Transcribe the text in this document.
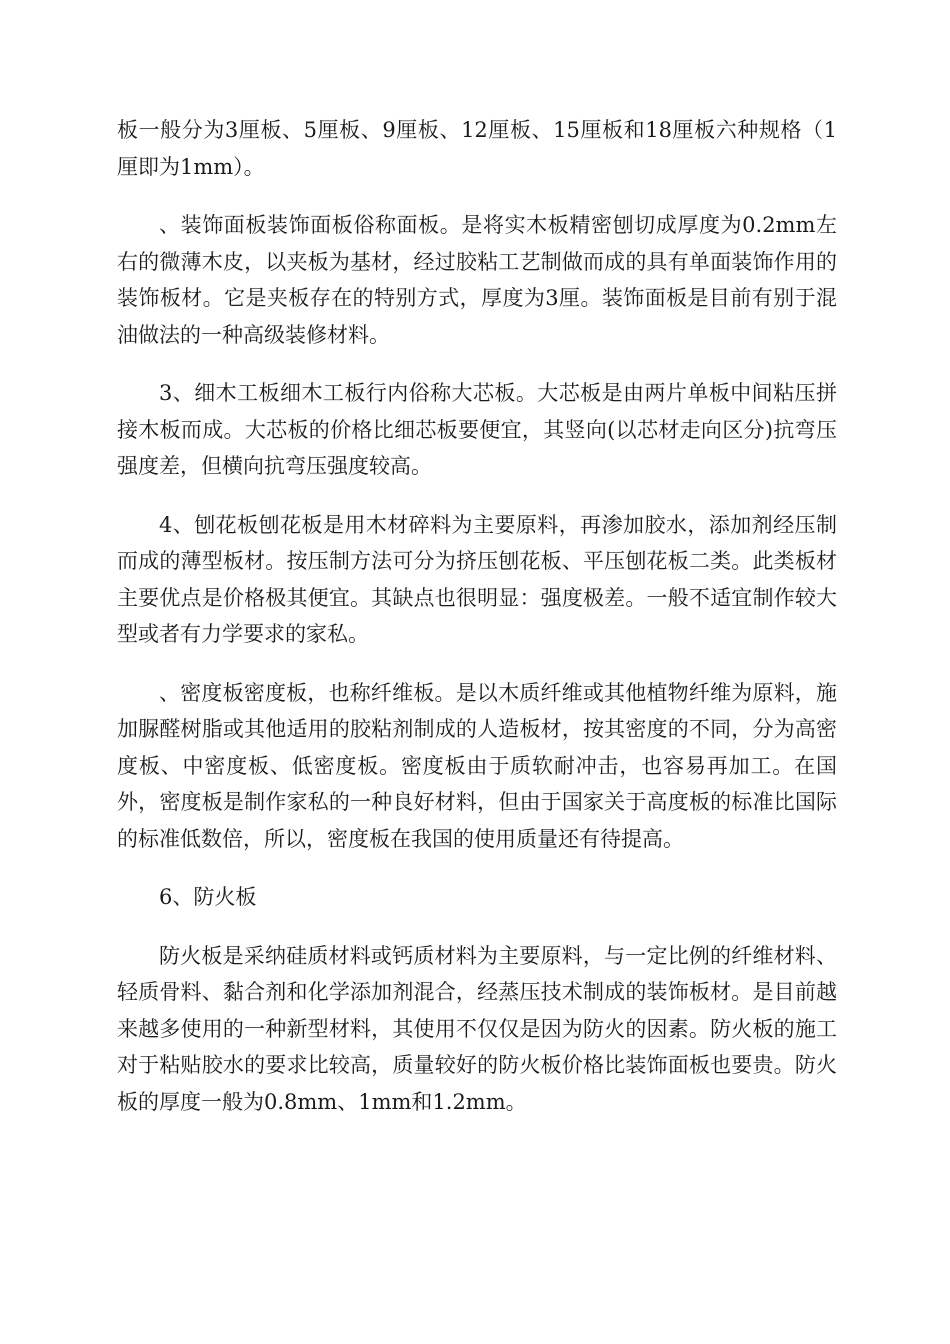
板一般分为3厘板、5厘板、9厘板、12厘板、15厘板和18厘板六种规格（1厘即为1mm）。

、装饰面板装饰面板俗称面板。是将实木板精密刨切成厚度为0.2mm左右的微薄木皮，以夹板为基材，经过胶粘工艺制做而成的具有单面装饰作用的装饰板材。它是夹板存在的特别方式，厚度为3厘。装饰面板是目前有别于混油做法的一种高级装修材料。

3、细木工板细木工板行内俗称大芯板。大芯板是由两片单板中间粘压拼接木板而成。大芯板的价格比细芯板要便宜，其竖向(以芯材走向区分)抗弯压强度差，但横向抗弯压强度较高。

4、刨花板刨花板是用木材碎料为主要原料，再渗加胶水，添加剂经压制而成的薄型板材。按压制方法可分为挤压刨花板、平压刨花板二类。此类板材主要优点是价格极其便宜。其缺点也很明显：强度极差。一般不适宜制作较大型或者有力学要求的家私。

、密度板密度板，也称纤维板。是以木质纤维或其他植物纤维为原料，施加脲醛树脂或其他适用的胶粘剂制成的人造板材，按其密度的不同，分为高密度板、中密度板、低密度板。密度板由于质软耐冲击，也容易再加工。在国外，密度板是制作家私的一种良好材料，但由于国家关于高度板的标准比国际的标准低数倍，所以，密度板在我国的使用质量还有待提高。

6、防火板

防火板是采纳硅质材料或钙质材料为主要原料，与一定比例的纤维材料、轻质骨料、黏合剂和化学添加剂混合，经蒸压技术制成的装饰板材。是目前越来越多使用的一种新型材料，其使用不仅仅是因为防火的因素。防火板的施工对于粘贴胶水的要求比较高，质量较好的防火板价格比装饰面板也要贵。防火板的厚度一般为0.8mm、1mm和1.2mm。
